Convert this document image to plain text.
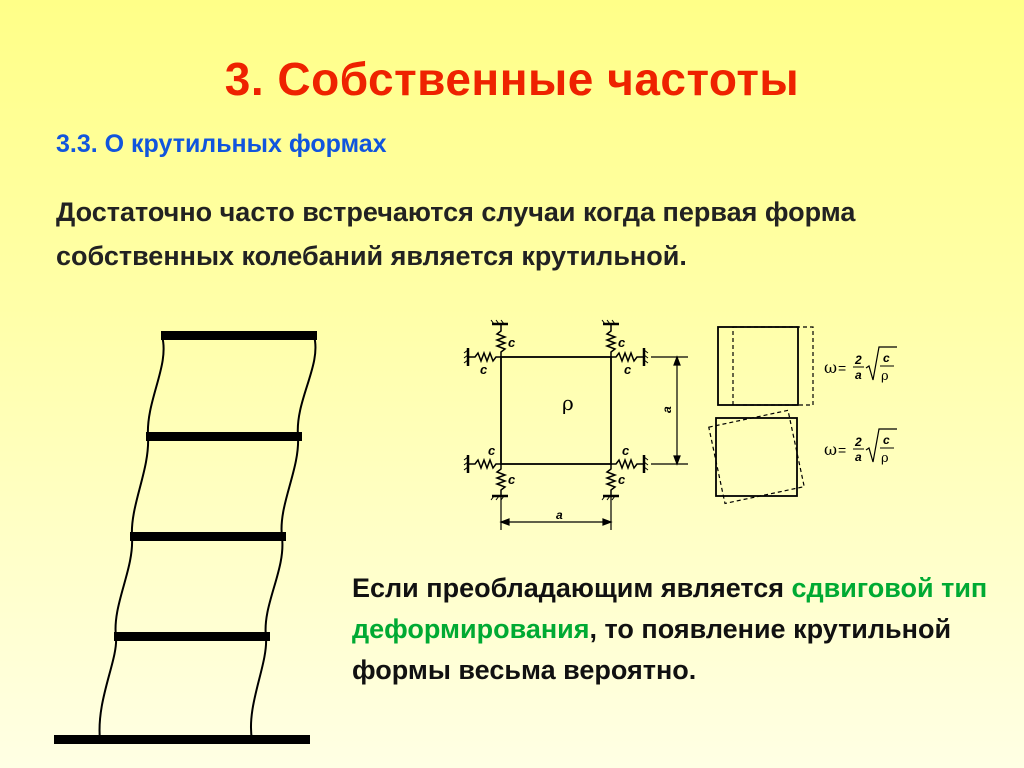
3. Собственные частоты
3.3. О крутильных формах
Достаточно часто встречаются случаи когда первая форма собственных колебаний является крутильной.
Если преобладающим является сдвиговой тип деформирования, то появление крутильной формы весьма вероятно.
c
c
c
c
c
c
c
c
a
a
ρ
ω = 2
a
c
ρ
ω = 2
a
c
ρ
